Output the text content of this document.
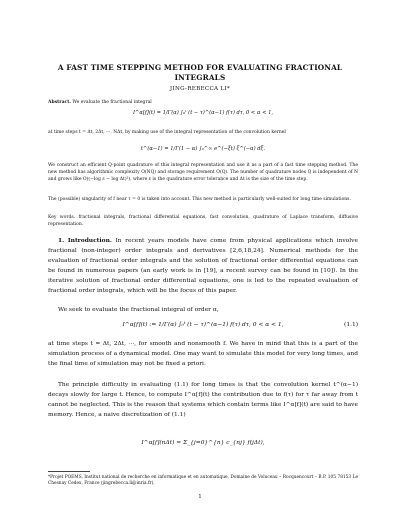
A FAST TIME STEPPING METHOD FOR EVALUATING FRACTIONAL INTEGRALS
JING-REBECCA LI*
Abstract. We evaluate the fractional integral
I^α[f](t) = 1/Γ(α) ∫₀ᵗ (t − τ)^(α−1) f(τ) dτ, 0 < α < 1,
at time steps t = Δt, 2Δt, ···, NΔt, by making use of the integral representation of the convolution kernel
t^(α−1) = 1/Γ(1 − α) ∫₀^∞ e^(−ξt) ξ^(−α) dξ.
We construct an efficient Q-point quadrature of this integral representation and use it as a part of a fast time stepping method. The new method has algorithmic complexity O(NQ) and storage requirement O(Q). The number of quadrature nodes Q is independent of N and grows like O((−log ε − log Δt)²), where ε is the quadrature error tolerance and Δt is the size of the time step.
The (possible) singularity of f near τ = 0 is taken into account. This new method is particularly well-suited for long time simulations.
Key words. fractional integrals, fractional differential equations, fast convolution, quadrature of Laplace transform, diffusive representation.
1. Introduction. In recent years models have come from physical applications which involve fractional (non-integer) order integrals and derivatives [2,6,18,24]. Numerical methods for the evaluation of fractional order integrals and the solution of fractional order differential equations can be found in numerous papers (an early work is in [19], a recent survey can be found in [10]). In the iterative solution of fractional order differential equations, one is led to the repeated evaluation of fractional order integrals, which will be the focus of this paper.
We seek to evaluate the fractional integral of order α,
I^α[f](t) := 1/Γ(α) ∫₀ᵗ (t − τ)^(α−1) f(τ) dτ, 0 < α < 1,	(1.1)
at time steps t = Δt, 2Δt, ···, for smooth and nonsmooth f. We have in mind that this is a part of the simulation process of a dynamical model. One may want to simulate this model for very long times, and the final time of simulation may not be fixed a priori.
The principle difficulty in evaluating (1.1) for long times is that the convolution kernel t^(α−1) decays slowly for large t. Hence, to compute I^α[f](t) the contribution due to f(τ) for τ far away from t cannot be neglected. This is the reason that systems which contain terms like I^α[f](t) are said to have memory. Hence, a naive discretization of (1.1)
I^α[f](nΔt) ≈ Σ_{j=0}^{n} c_{nj} f(jΔt),
*Projet POEMS, Institut national de recherche en informatique et en automatique, Domaine de Voluceau – Rocquencourt – B.P. 105 78153 Le Chesnay Cedex, France (jingrebecca.li@inria.fr).
1
